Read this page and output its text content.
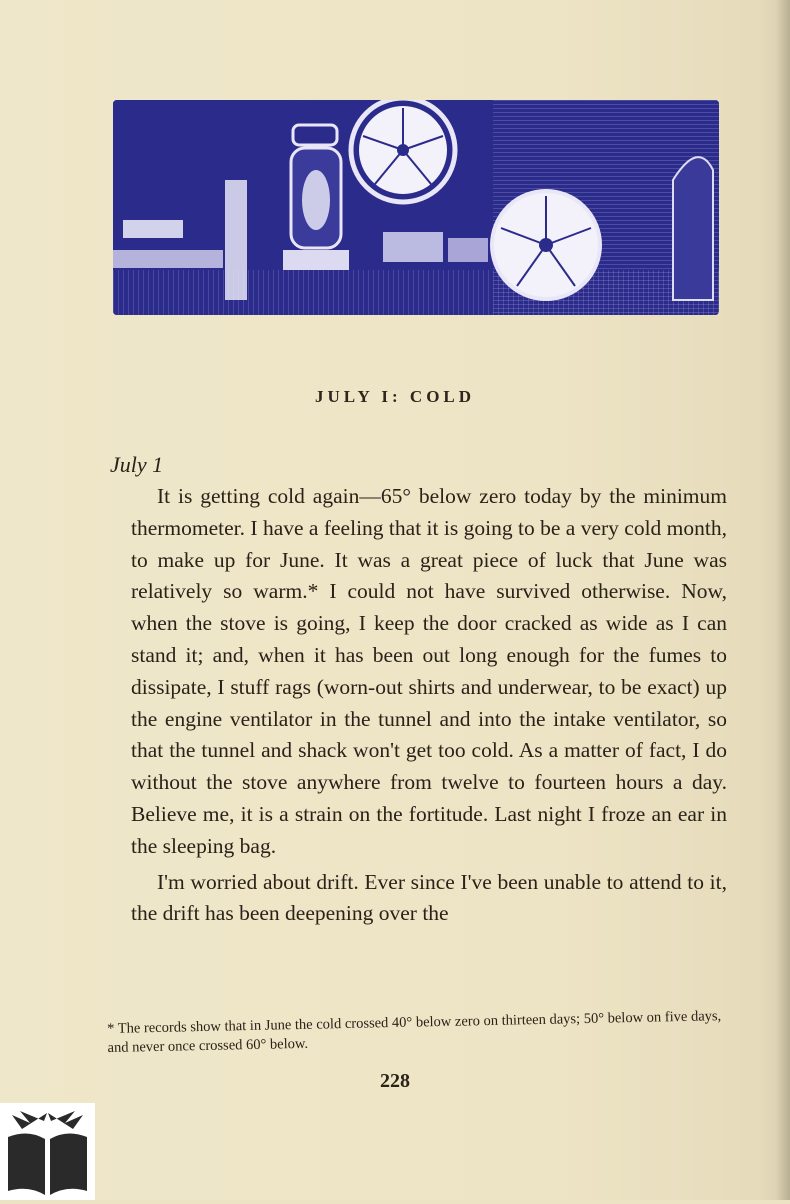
JULY I: COLD
July 1

It is getting cold again—65° below zero today by the minimum thermometer. I have a feeling that it is going to be a very cold month, to make up for June. It was a great piece of luck that June was relatively so warm.* I could not have survived otherwise. Now, when the stove is going, I keep the door cracked as wide as I can stand it; and, when it has been out long enough for the fumes to dissipate, I stuff rags (worn-out shirts and underwear, to be exact) up the engine ventilator in the tunnel and into the intake ventilator, so that the tunnel and shack won't get too cold. As a matter of fact, I do without the stove anywhere from twelve to fourteen hours a day. Believe me, it is a strain on the fortitude. Last night I froze an ear in the sleeping bag.

I'm worried about drift. Ever since I've been unable to attend to it, the drift has been deepening over the

* The records show that in June the cold crossed 40° below zero on thirteen days; 50° below on five days, and never once crossed 60° below.
228
